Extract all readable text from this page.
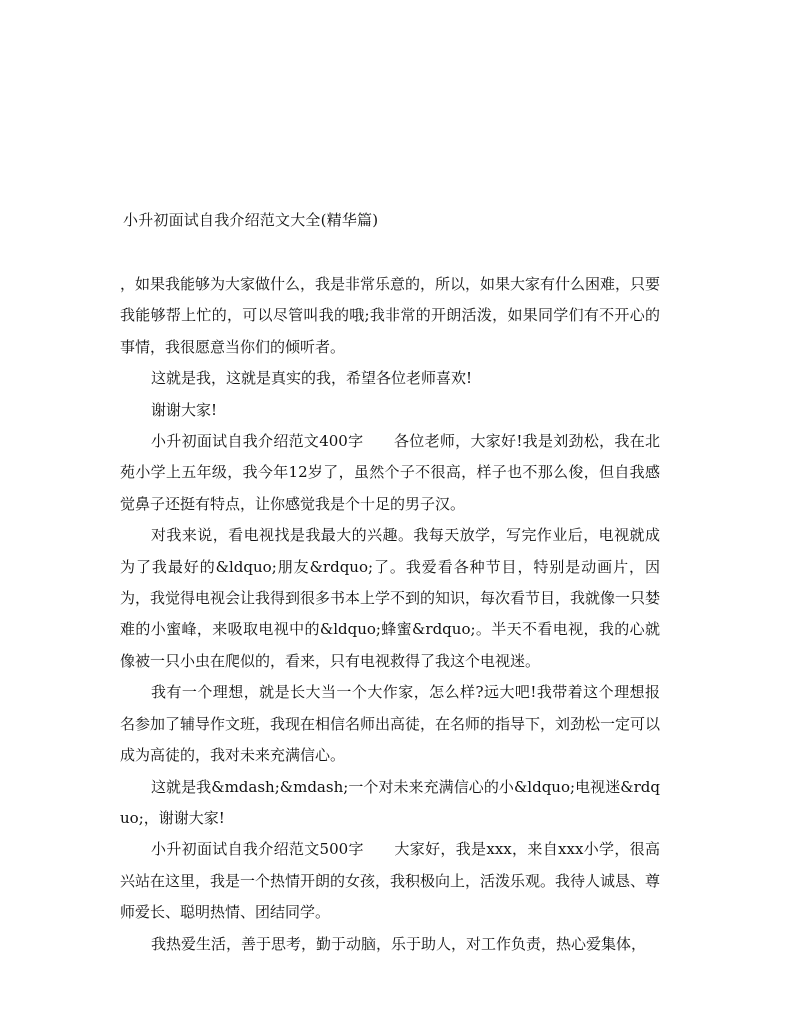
小升初面试自我介绍范文大全(精华篇)

，如果我能够为大家做什么，我是非常乐意的，所以，如果大家有什么困难，只要我能够帮上忙的，可以尽管叫我的哦;我非常的开朗活泼，如果同学们有不开心的事情，我很愿意当你们的倾听者。

这就是我，这就是真实的我，希望各位老师喜欢!

谢谢大家!

小升初面试自我介绍范文400字　　各位老师，大家好!我是刘劲松，我在北苑小学上五年级，我今年12岁了，虽然个子不很高，样子也不那么俊，但自我感觉鼻子还挺有特点，让你感觉我是个十足的男子汉。

对我来说，看电视找是我最大的兴趣。我每天放学，写完作业后，电视就成为了我最好的&ldquo;朋友&rdquo;了。我爱看各种节目，特别是动画片，因为，我觉得电视会让我得到很多书本上学不到的知识，每次看节目，我就像一只婪难的小蜜峰，来吸取电视中的&ldquo;蜂蜜&rdquo;。半天不看电视，我的心就像被一只小虫在爬似的，看来，只有电视救得了我这个电视迷。

我有一个理想，就是长大当一个大作家，怎么样?远大吧!我带着这个理想报名参加了辅导作文班，我现在相信名师出高徒，在名师的指导下，刘劲松一定可以成为高徒的，我对未来充满信心。

这就是我&mdash;&mdash;一个对未来充满信心的小&ldquo;电视迷&rdquo;，谢谢大家!

小升初面试自我介绍范文500字　　大家好，我是xxx，来自xxx小学，很高兴站在这里，我是一个热情开朗的女孩，我积极向上，活泼乐观。我待人诚恳、尊师爱长、聪明热情、团结同学。

我热爱生活，善于思考，勤于动脑，乐于助人，对工作负责，热心爱集体，
